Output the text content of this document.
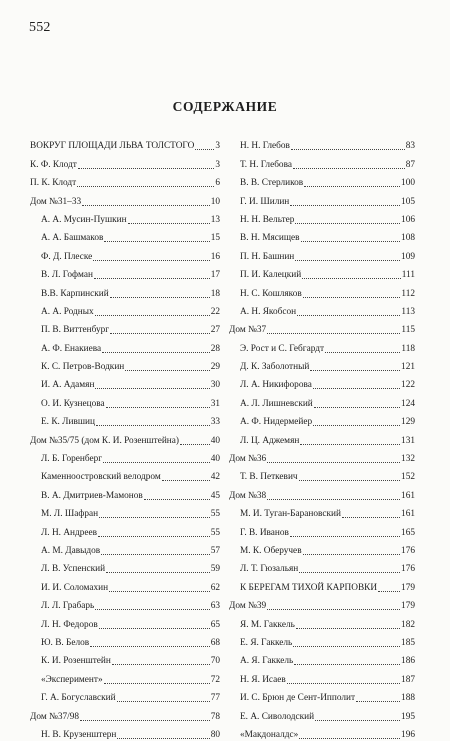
552
СОДЕРЖАНИЕ
ВОКРУГ ПЛОЩАДИ ЛЬВА ТОЛСТОГО 3
К. Ф. Клодт	3
П. К. Клодт	6
Дом №31–33	10
А. А. Мусин-Пушкин	13
А. А. Башмаков	15
Ф. Д. Плеске	16
В. Л. Гофман	17
В.В. Карпинский	18
А. А. Родных	22
П. В. Виттенбург	27
А. Ф. Енакиева	28
К. С. Петров-Водкин	29
И. А. Адамян	30
О. И. Кузнецова	31
Е. К. Лившиц	33
Дом №35/75 (дом К. И. Розенштейна)	40
Л. Б. Горенберг	40
Каменноостровский велодром	42
В. А. Дмитриев-Мамонов	45
М. Л. Шафран	55
Л. Н. Андреев	55
А. М. Давыдов	57
Л. В. Успенский	59
И. И. Соломахин	62
Л. Л. Грабарь	63
Л. Н. Федоров	65
Ю. В. Белов	68
К. И. Розенштейн	70
«Эксперимент»	72
Г. А. Богуславский	77
Дом №37/98	78
Н. В. Крузенштерн	80
Н. Н. Глебов	83
Т. Н. Глебова	87
В. В. Стерликов	100
Г. И. Шилин	105
Н. Н. Вельтер	106
В. Н. Мясищев	108
П. Н. Башнин	109
П. И. Калецкий	111
Н. С. Кошляков	112
А. Н. Якобсон	113
Дом №37	115
Э. Рост и С. Гебгардт	118
Д. К. Заболотный	121
Л. А. Никифорова	122
А. Л. Лишневский	124
А. Ф. Нидермейер	129
Л. Ц. Аджемян	131
Дом №36	132
Т. В. Петкевич	152
Дом №38	161
М. И. Туган-Барановский	161
Г. В. Иванов	165
М. К. Оберучев	176
Л. Т. Гюзальян	176
К БЕРЕГАМ ТИХОЙ КАРПОВКИ	179
Дом №39	179
Я. М. Гаккель	182
Е. Я. Гаккель	185
А. Я. Гаккель	186
Н. Я. Исаев	187
И. С. Брюн де Сент-Ипполит	188
Е. А. Сиволодский	195
«Макдоналдс»	196
